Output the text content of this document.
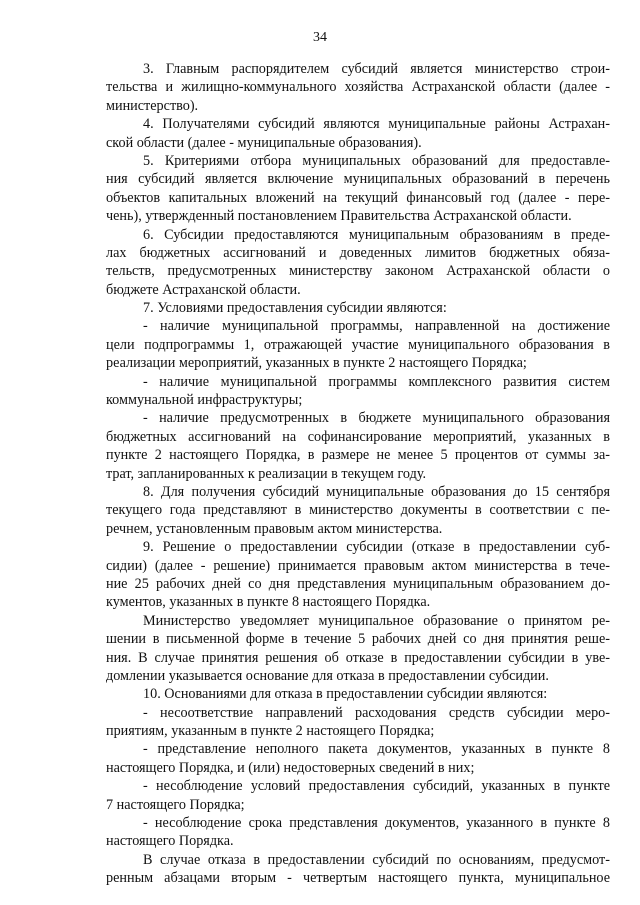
34
3. Главным распорядителем субсидий является министерство строи-
тельства и жилищно-коммунального хозяйства Астраханской области (далее -
министерство).
4. Получателями субсидий являются муниципальные районы Астрахан-
ской области (далее - муниципальные образования).
5. Критериями отбора муниципальных образований для предоставле-
ния субсидий является включение муниципальных образований в перечень
объектов капитальных вложений на текущий финансовый год (далее - пере-
чень), утвержденный постановлением Правительства Астраханской области.
6. Субсидии предоставляются муниципальным образованиям в преде-
лах бюджетных ассигнований и доведенных лимитов бюджетных обяза-
тельств, предусмотренных министерству законом Астраханской области о
бюджете Астраханской области.
7. Условиями предоставления субсидии являются:
- наличие муниципальной программы, направленной на достижение
цели подпрограммы 1, отражающей участие муниципального образования в
реализации мероприятий, указанных в пункте 2 настоящего Порядка;
- наличие муниципальной программы комплексного развития систем
коммунальной инфраструктуры;
- наличие предусмотренных в бюджете муниципального образования
бюджетных ассигнований на софинансирование мероприятий, указанных в
пункте 2 настоящего Порядка, в размере не менее 5 процентов от суммы за-
трат, запланированных к реализации в текущем году.
8. Для получения субсидий муниципальные образования до 15 сентября
текущего года представляют в министерство документы в соответствии с пе-
речнем, установленным правовым актом министерства.
9. Решение о предоставлении субсидии (отказе в предоставлении суб-
сидии) (далее - решение) принимается правовым актом министерства в тече-
ние 25 рабочих дней со дня представления муниципальным образованием до-
кументов, указанных в пункте 8 настоящего Порядка.
Министерство уведомляет муниципальное образование о принятом ре-
шении в письменной форме в течение 5 рабочих дней со дня принятия реше-
ния. В случае принятия решения об отказе в предоставлении субсидии в уве-
домлении указывается основание для отказа в предоставлении субсидии.
10. Основаниями для отказа в предоставлении субсидии являются:
- несоответствие направлений расходования средств субсидии меро-
приятиям, указанным в пункте 2 настоящего Порядка;
- представление неполного пакета документов, указанных в пункте 8
настоящего Порядка, и (или) недостоверных сведений в них;
- несоблюдение условий предоставления субсидий, указанных в пункте
7 настоящего Порядка;
- несоблюдение срока представления документов, указанного в пункте 8
настоящего Порядка.
В случае отказа в предоставлении субсидий по основаниям, предусмот-
ренным абзацами вторым - четвертым настоящего пункта, муниципальное
